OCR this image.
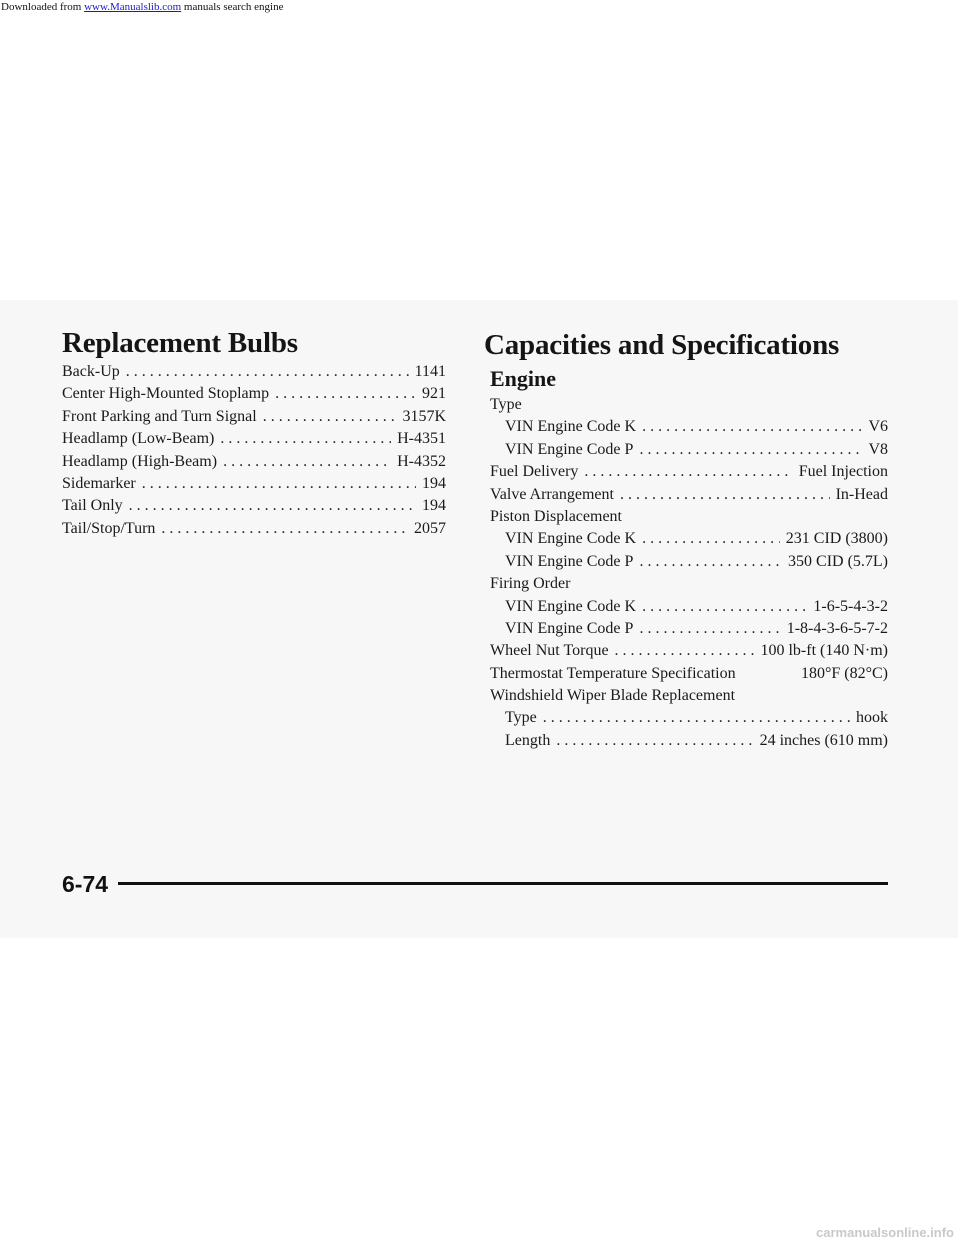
Downloaded from www.Manualslib.com manuals search engine
Replacement Bulbs
Back-Up . . .	1141
Center High-Mounted Stoplamp . . .	921
Front Parking and Turn Signal . . .	3157K
Headlamp (Low-Beam) . . .	H-4351
Headlamp (High-Beam) . . .	H-4352
Sidemarker . . .	194
Tail Only . . .	194
Tail/Stop/Turn . . .	2057
Capacities and Specifications
Engine
Type
VIN Engine Code K . . .	V6
VIN Engine Code P . . .	V8
Fuel Delivery . . .	Fuel Injection
Valve Arrangement . . .	In-Head
Piston Displacement
VIN Engine Code K . . .	231 CID (3800)
VIN Engine Code P . . .	350 CID (5.7L)
Firing Order
VIN Engine Code K . . .	1-6-5-4-3-2
VIN Engine Code P . . .	1-8-4-3-6-5-7-2
Wheel Nut Torque . . .	100 lb-ft (140 N·m)
Thermostat Temperature Specification	180°F (82°C)
Windshield Wiper Blade Replacement
Type . . .	hook
Length . . .	24 inches (610 mm)
6-74
carmanualsonline.info
